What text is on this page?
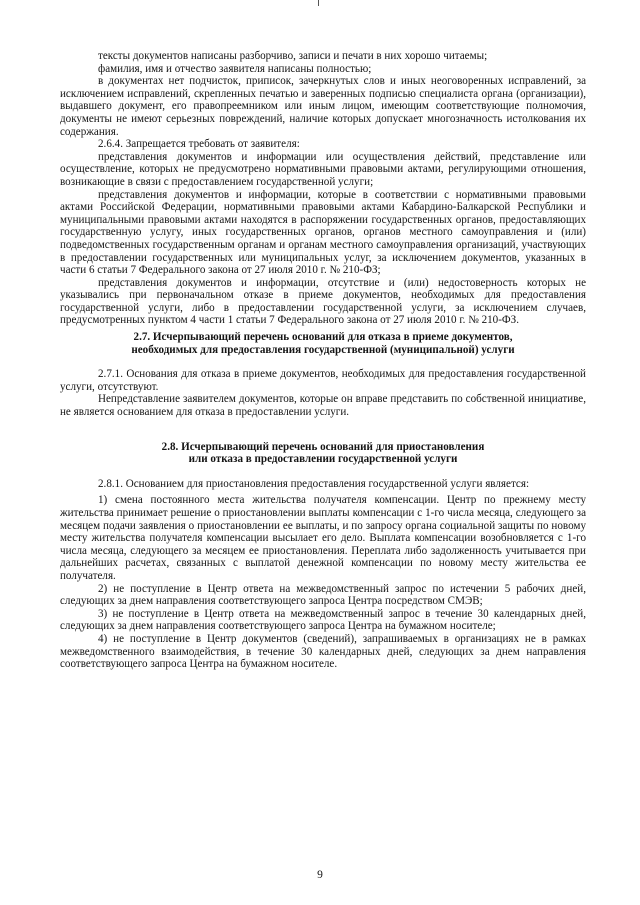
тексты документов написаны разборчиво, записи и печати в них хорошо читаемы;

фамилия, имя и отчество заявителя написаны полностью;

в документах нет подчисток, приписок, зачеркнутых слов и иных неоговоренных исправлений, за исключением исправлений, скрепленных печатью и заверенных подписью специалиста органа (организации), выдавшего документ, его правопреемником или иным лицом, имеющим соответствующие полномочия, документы не имеют серьезных повреждений, наличие которых допускает многозначность истолкования их содержания.

2.6.4. Запрещается требовать от заявителя:

представления документов и информации или осуществления действий, представление или осуществление, которых не предусмотрено нормативными правовыми актами, регулирующими отношения, возникающие в связи с предоставлением государственной услуги;

представления документов и информации, которые в соответствии с нормативными правовыми актами Российской Федерации, нормативными правовыми актами Кабардино-Балкарской Республики и муниципальными правовыми актами находятся в распоряжении государственных органов, предоставляющих государственную услугу, иных государственных органов, органов местного самоуправления и (или) подведомственных государственным органам и органам местного самоуправления организаций, участвующих в предоставлении государственных или муниципальных услуг, за исключением документов, указанных в части 6 статьи 7 Федерального закона от 27 июля 2010 г. № 210-ФЗ;

представления документов и информации, отсутствие и (или) недостоверность которых не указывались при первоначальном отказе в приеме документов, необходимых для предоставления государственной услуги, либо в предоставлении государственной услуги, за исключением случаев, предусмотренных пунктом 4 части 1 статьи 7 Федерального закона от 27 июля 2010 г. № 210-ФЗ.

2.7. Исчерпывающий перечень оснований для отказа в приеме документов,
необходимых для предоставления государственной (муниципальной) услуги

2.7.1. Основания для отказа в приеме документов, необходимых для предоставления государственной услуги, отсутствуют.

Непредставление заявителем документов, которые он вправе представить по собственной инициативе, не является основанием для отказа в предоставлении услуги.

2.8. Исчерпывающий перечень оснований для приостановления
или отказа в предоставлении государственной услуги

2.8.1. Основанием для приостановления предоставления государственной услуги является:

1) смена постоянного места жительства получателя компенсации. Центр по прежнему месту жительства принимает решение о приостановлении выплаты компенсации с 1-го числа месяца, следующего за месяцем подачи заявления о приостановлении ее выплаты, и по запросу органа социальной защиты по новому месту жительства получателя компенсации высылает его дело. Выплата компенсации возобновляется с 1-го числа месяца, следующего за месяцем ее приостановления. Переплата либо задолженность учитывается при дальнейших расчетах, связанных с выплатой денежной компенсации по новому месту жительства ее получателя.

2) не поступление в Центр ответа на межведомственный запрос по истечении 5 рабочих дней, следующих за днем направления соответствующего запроса Центра посредством СМЭВ;

3) не поступление в Центр ответа на межведомственный запрос в течение 30 календарных дней, следующих за днем направления соответствующего запроса Центра на бумажном носителе;

4) не поступление в Центр документов (сведений), запрашиваемых в организациях не в рамках межведомственного взаимодействия, в течение 30 календарных дней, следующих за днем направления соответствующего запроса Центра на бумажном носителе.

9
